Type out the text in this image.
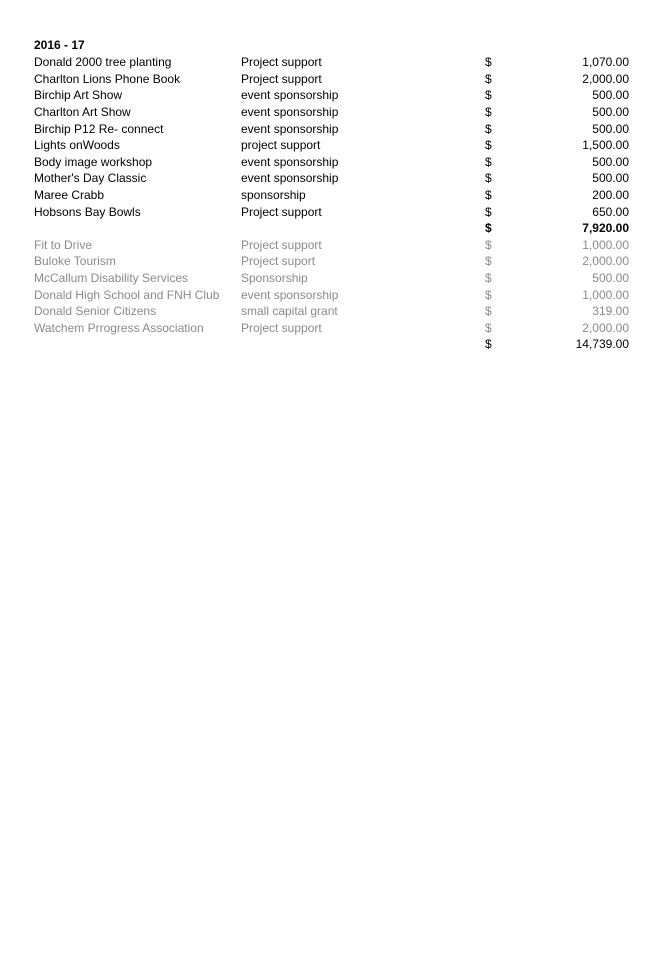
2016 - 17
Donald 2000 tree planting	Project support	$	1,070.00
Charlton Lions Phone Book	Project support	$	2,000.00
Birchip Art Show	event sponsorship	$	500.00
Charlton Art Show	event sponsorship	$	500.00
Birchip P12 Re- connect	event sponsorship	$	500.00
Lights onWoods	project support	$	1,500.00
Body image workshop	event sponsorship	$	500.00
Mother's Day Classic	event sponsorship	$	500.00
Maree Crabb	sponsorship	$	200.00
Hobsons Bay Bowls	Project support	$	650.00
		$	7,920.00
Fit to Drive	Project support	$	1,000.00
Buloke Tourism	Project suport	$	2,000.00
McCallum Disability Services	Sponsorship	$	500.00
Donald High School and FNH Club	event sponsorship	$	1,000.00
Donald Senior Citizens	small capital grant	$	319.00
Watchem Prrogress Association	Project support	$	2,000.00
		$	14,739.00
